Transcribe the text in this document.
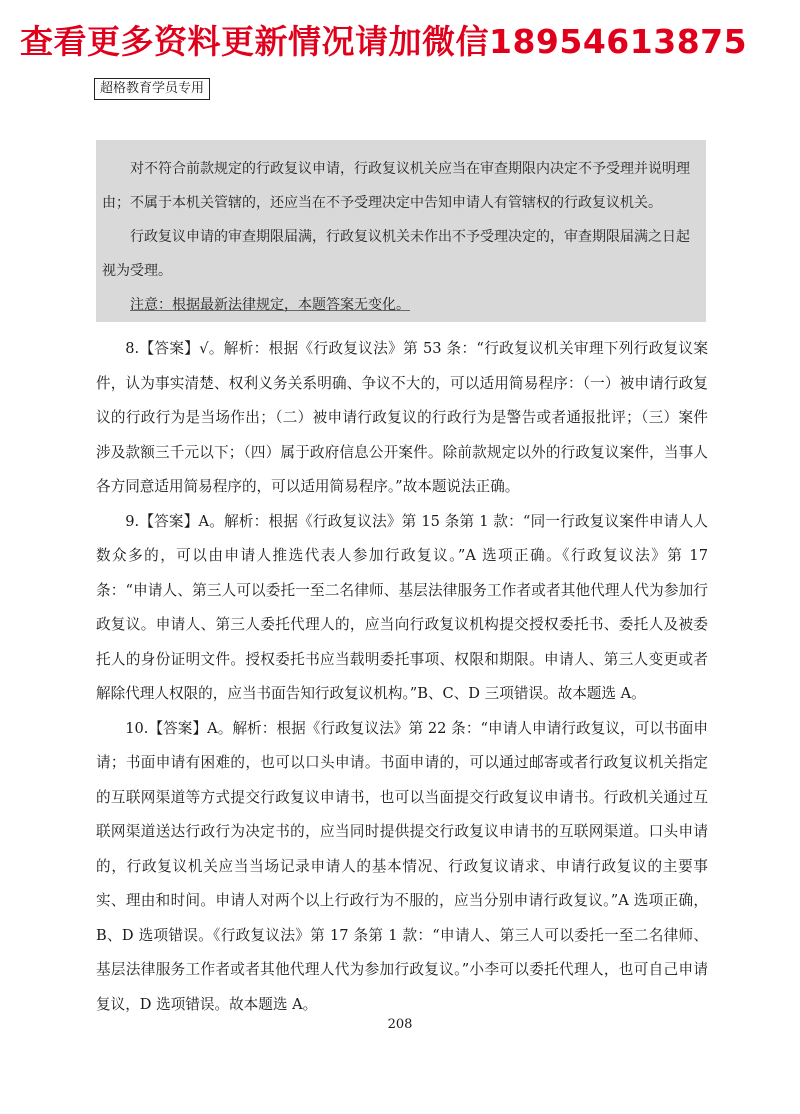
查看更多资料更新情况请加微信18954613875
超格教育学员专用

对不符合前款规定的行政复议申请，行政复议机关应当在审查期限内决定不予受理并说明理由；不属于本机关管辖的，还应当在不予受理决定中告知申请人有管辖权的行政复议机关。

行政复议申请的审查期限届满，行政复议机关未作出不予受理决定的，审查期限届满之日起视为受理。

注意：根据最新法律规定，本题答案无变化。

8.【答案】√。解析：根据《行政复议法》第 53 条：“行政复议机关审理下列行政复议案件，认为事实清楚、权利义务关系明确、争议不大的，可以适用简易程序：（一）被申请行政复议的行政行为是当场作出；（二）被申请行政复议的行政行为是警告或者通报批评；（三）案件涉及款额三千元以下；（四）属于政府信息公开案件。除前款规定以外的行政复议案件，当事人各方同意适用简易程序的，可以适用简易程序。”故本题说法正确。

9.【答案】A。解析：根据《行政复议法》第 15 条第 1 款：“同一行政复议案件申请人人数众多的，可以由申请人推选代表人参加行政复议。”A 选项正确。《行政复议法》第 17 条：“申请人、第三人可以委托一至二名律师、基层法律服务工作者或者其他代理人代为参加行政复议。申请人、第三人委托代理人的，应当向行政复议机构提交授权委托书、委托人及被委托人的身份证明文件。授权委托书应当载明委托事项、权限和期限。申请人、第三人变更或者解除代理人权限的，应当书面告知行政复议机构。”B、C、D 三项错误。故本题选 A。

10.【答案】A。解析：根据《行政复议法》第 22 条：“申请人申请行政复议，可以书面申请；书面申请有困难的，也可以口头申请。书面申请的，可以通过邮寄或者行政复议机关指定的互联网渠道等方式提交行政复议申请书，也可以当面提交行政复议申请书。行政机关通过互联网渠道送达行政行为决定书的，应当同时提供提交行政复议申请书的互联网渠道。口头申请的，行政复议机关应当当场记录申请人的基本情况、行政复议请求、申请行政复议的主要事实、理由和时间。申请人对两个以上行政行为不服的，应当分别申请行政复议。”A 选项正确，B、D 选项错误。《行政复议法》第 17 条第 1 款：“申请人、第三人可以委托一至二名律师、基层法律服务工作者或者其他代理人代为参加行政复议。”小李可以委托代理人，也可自己申请复议，D 选项错误。故本题选 A。

208
